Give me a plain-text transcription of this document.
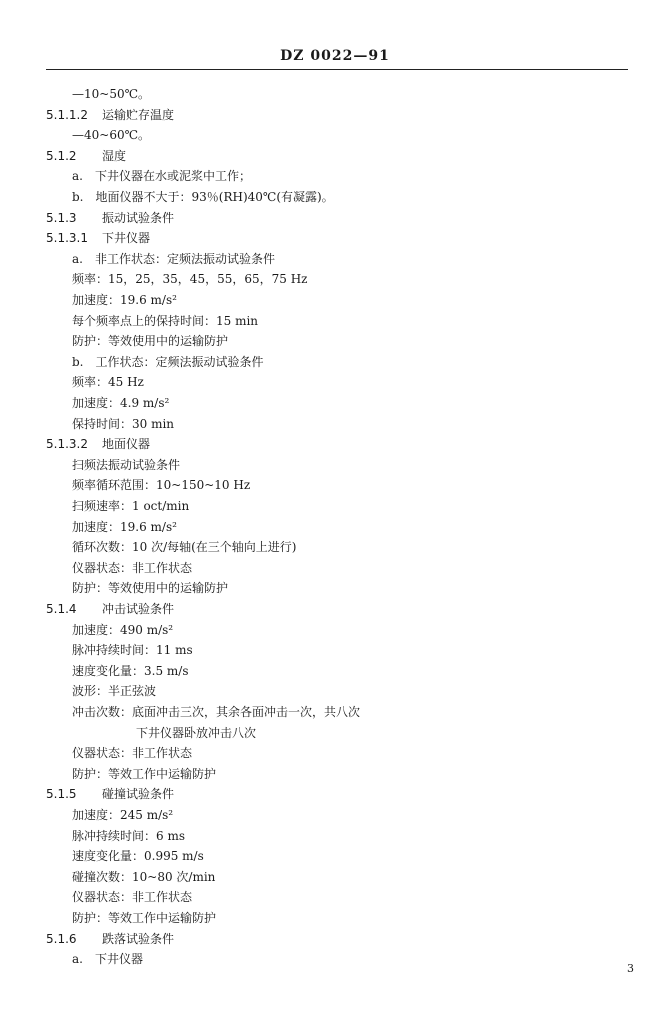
DZ 0022—91
—10~50℃。
5.1.1.2 运输贮存温度
—40~60℃。
5.1.2 湿度
a.　下井仪器在水或泥浆中工作；
b.　地面仪器不大于：93％(RH)40℃(有凝露)。
5.1.3 振动试验条件
5.1.3.1 下井仪器
a.　非工作状态：定频法振动试验条件
频率：15，25，35，45，55，65，75 Hz
加速度：19.6 m/s²
每个频率点上的保持时间：15 min
防护：等效使用中的运输防护
b.　工作状态：定频法振动试验条件
频率：45 Hz
加速度：4.9 m/s²
保持时间：30 min
5.1.3.2 地面仪器
扫频法振动试验条件
频率循环范围：10~150~10 Hz
扫频速率：1 oct/min
加速度：19.6 m/s²
循环次数：10 次/每轴(在三个轴向上进行)
仪器状态：非工作状态
防护：等效使用中的运输防护
5.1.4 冲击试验条件
加速度：490 m/s²
脉冲持续时间：11 ms
速度变化量：3.5 m/s
波形：半正弦波
冲击次数：底面冲击三次，其余各面冲击一次，共八次
下井仪器卧放冲击八次
仪器状态：非工作状态
防护：等效工作中运输防护
5.1.5 碰撞试验条件
加速度：245 m/s²
脉冲持续时间：6 ms
速度变化量：0.995 m/s
碰撞次数：10~80 次/min
仪器状态：非工作状态
防护：等效工作中运输防护
5.1.6 跌落试验条件
a.　下井仪器
3
